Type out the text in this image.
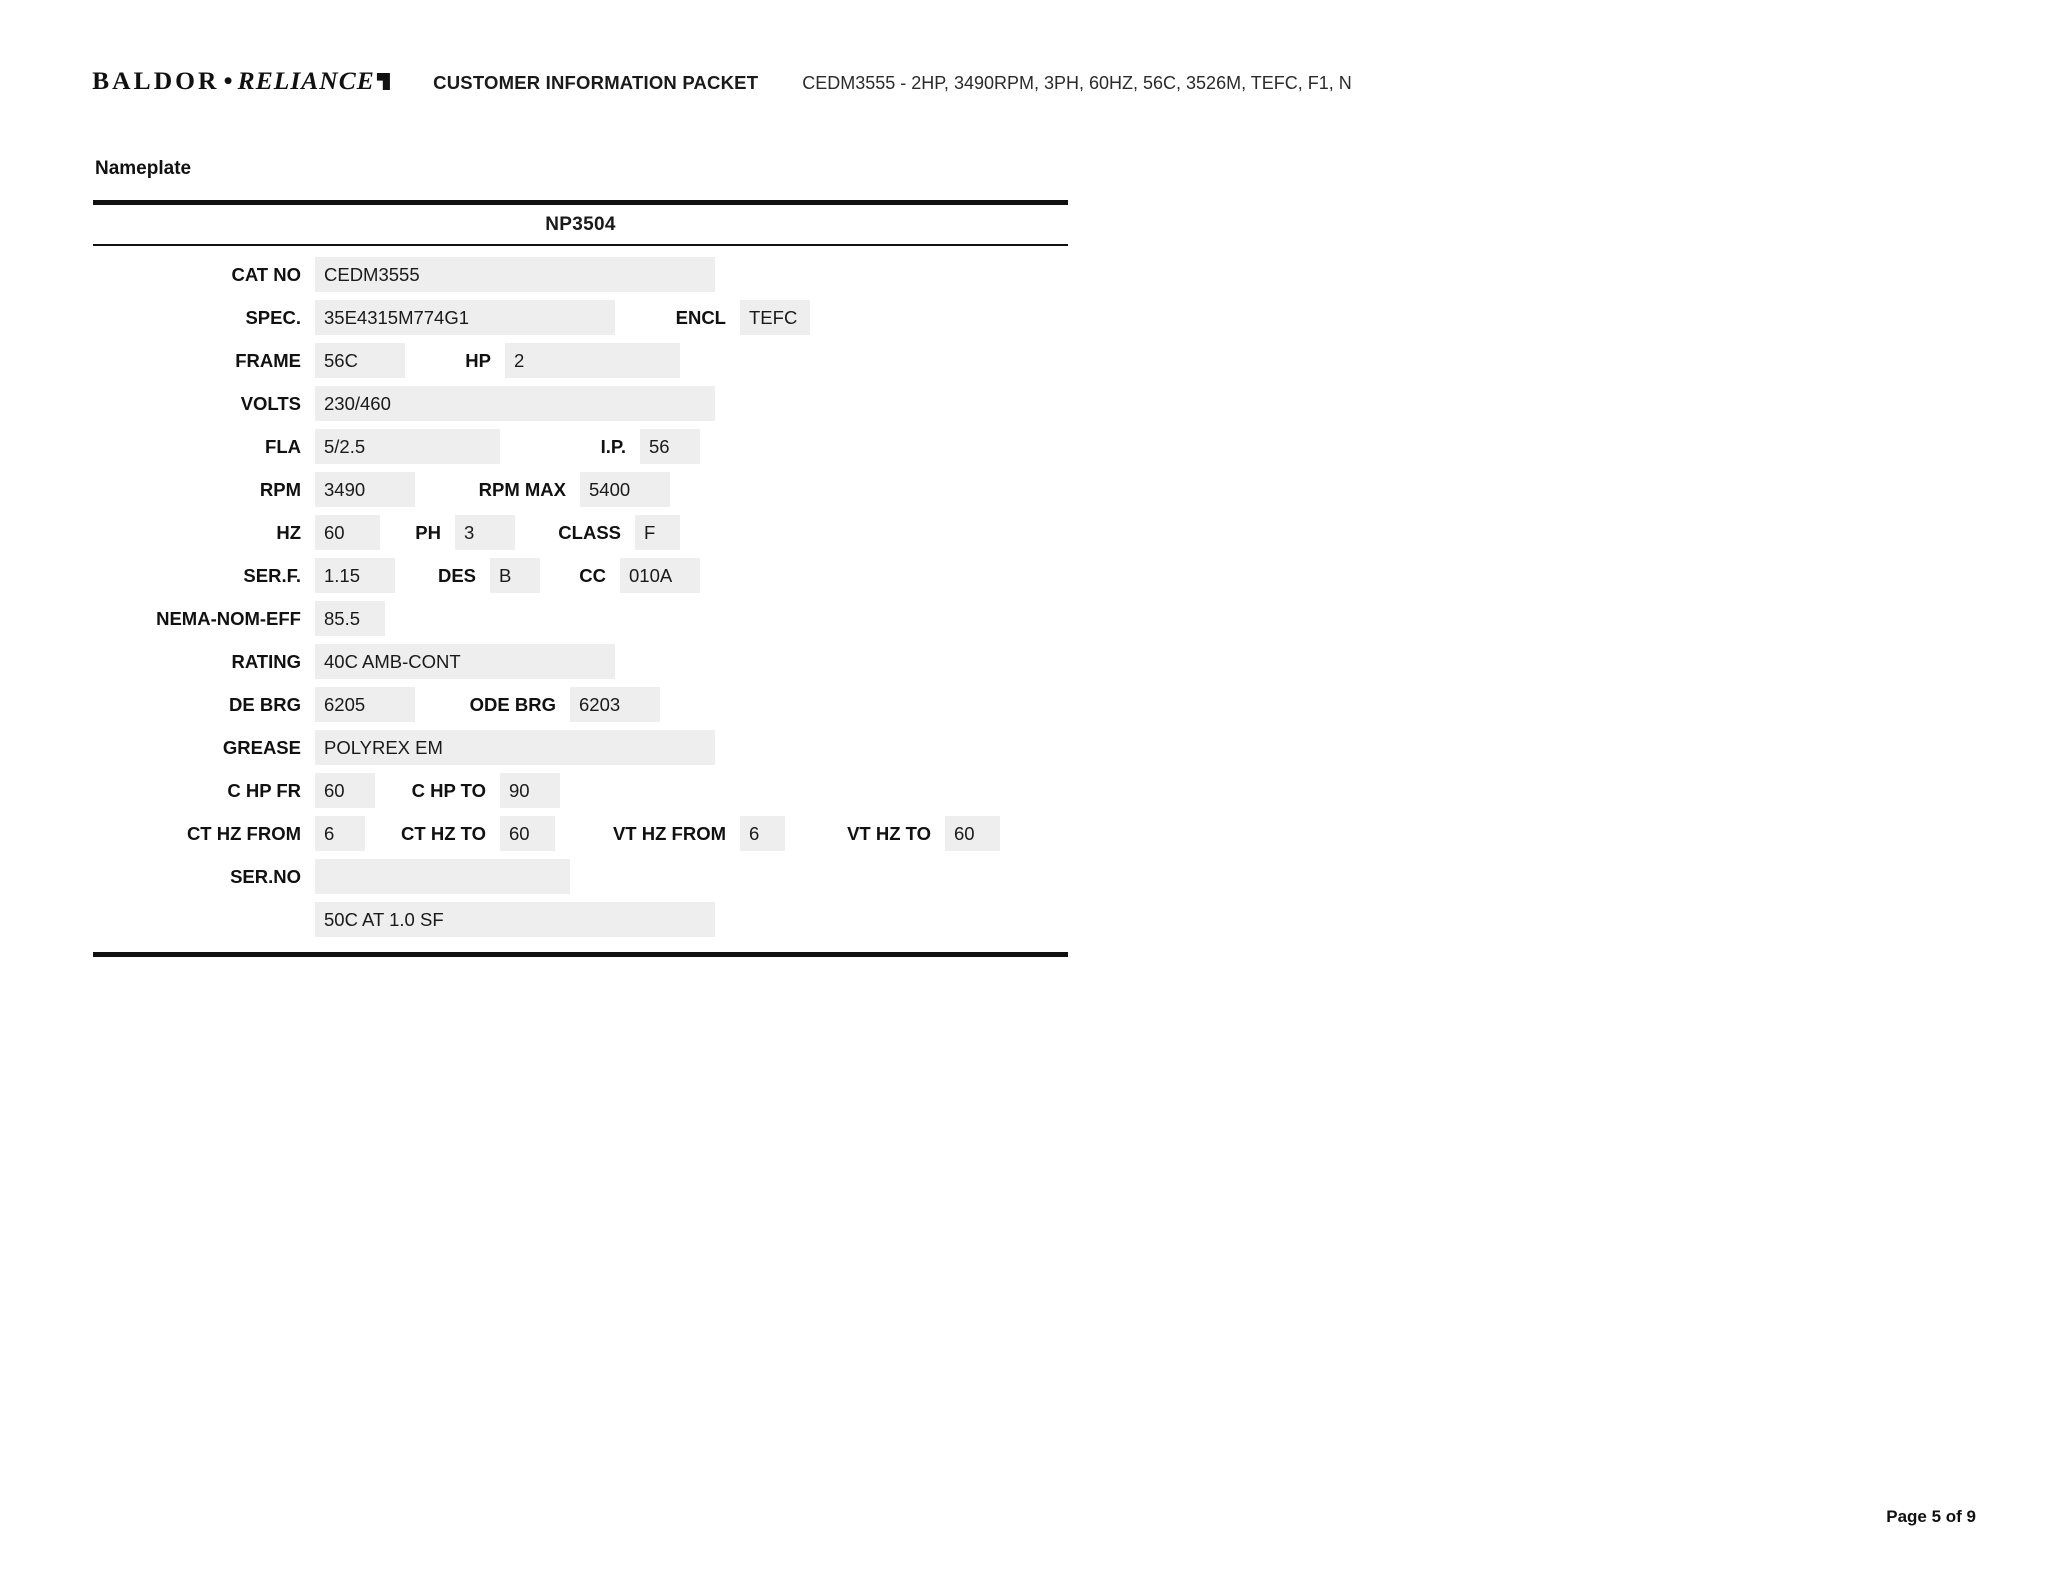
BALDOR • RELIANCE	CUSTOMER INFORMATION PACKET CEDM3555 - 2HP, 3490RPM, 3PH, 60HZ, 56C, 3526M, TEFC, F1, N
Nameplate
NP3504
CAT NO	CEDM3555
SPEC.	35E4315M774G1	ENCL	TEFC
FRAME	56C	HP	2
VOLTS	230/460
FLA	5/2.5	I.P.	56
RPM	3490	RPM MAX	5400
HZ	60	PH	3	CLASS	F
SER.F.	1.15	DES	B	CC	010A
NEMA-NOM-EFF	85.5
RATING	40C AMB-CONT
DE BRG	6205	ODE BRG	6203
GREASE	POLYREX EM
C HP FR	60	C HP TO	90
CT HZ FROM	6	CT HZ TO	60	VT HZ FROM	6	VT HZ TO	60
SER.NO
50C AT 1.0 SF
Page 5 of 9
